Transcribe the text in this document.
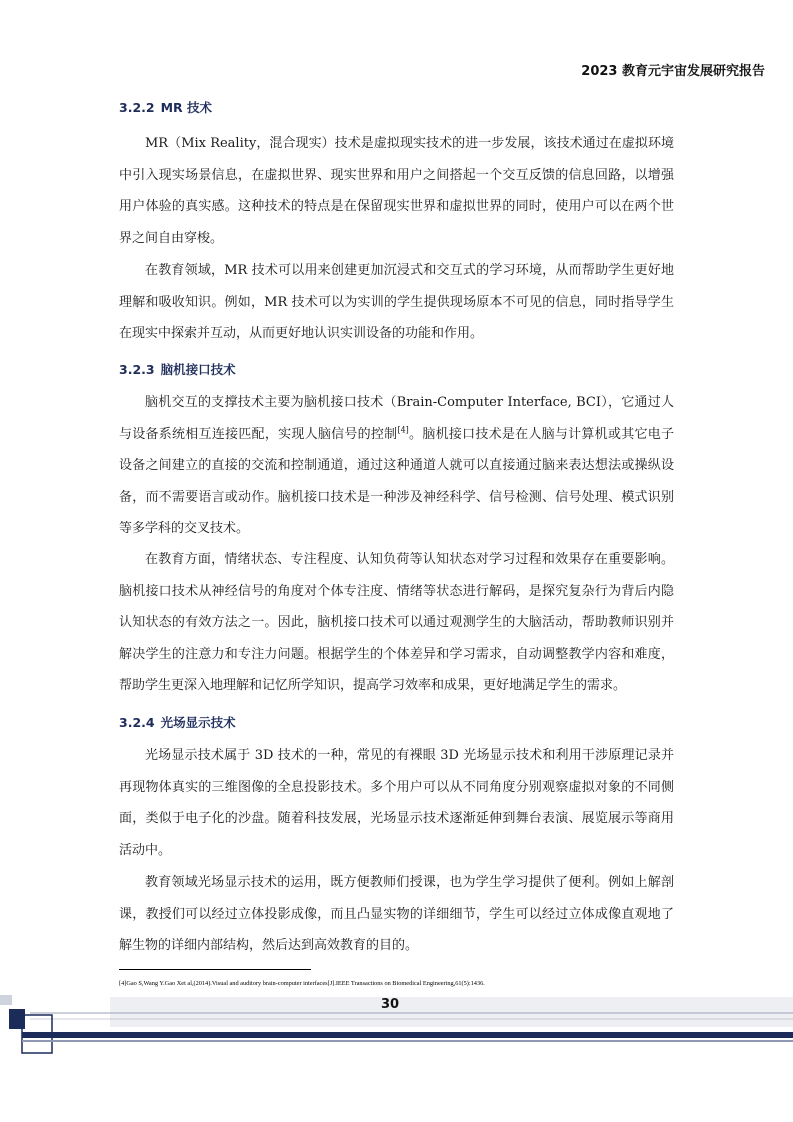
2023 教育元宇宙发展研究报告
3.2.2 MR 技术

MR（Mix Reality，混合现实）技术是虚拟现实技术的进一步发展，该技术通过在虚拟环境中引入现实场景信息，在虚拟世界、现实世界和用户之间搭起一个交互反馈的信息回路，以增强用户体验的真实感。这种技术的特点是在保留现实世界和虚拟世界的同时，使用户可以在两个世界之间自由穿梭。

在教育领域，MR 技术可以用来创建更加沉浸式和交互式的学习环境，从而帮助学生更好地理解和吸收知识。例如，MR 技术可以为实训的学生提供现场原本不可见的信息，同时指导学生在现实中探索并互动，从而更好地认识实训设备的功能和作用。

3.2.3 脑机接口技术

脑机交互的支撑技术主要为脑机接口技术（Brain-Computer Interface, BCI），它通过人与设备系统相互连接匹配，实现人脑信号的控制[4]。脑机接口技术是在人脑与计算机或其它电子设备之间建立的直接的交流和控制通道，通过这种通道人就可以直接通过脑来表达想法或操纵设备，而不需要语言或动作。脑机接口技术是一种涉及神经科学、信号检测、信号处理、模式识别等多学科的交叉技术。

在教育方面，情绪状态、专注程度、认知负荷等认知状态对学习过程和效果存在重要影响。脑机接口技术从神经信号的角度对个体专注度、情绪等状态进行解码，是探究复杂行为背后内隐认知状态的有效方法之一。因此，脑机接口技术可以通过观测学生的大脑活动，帮助教师识别并解决学生的注意力和专注力问题。根据学生的个体差异和学习需求，自动调整教学内容和难度，帮助学生更深入地理解和记忆所学知识，提高学习效率和成果，更好地满足学生的需求。

3.2.4 光场显示技术

光场显示技术属于 3D 技术的一种，常见的有裸眼 3D 光场显示技术和利用干涉原理记录并再现物体真实的三维图像的全息投影技术。多个用户可以从不同角度分别观察虚拟对象的不同侧面，类似于电子化的沙盘。随着科技发展，光场显示技术逐渐延伸到舞台表演、展览展示等商用活动中。

教育领域光场显示技术的运用，既方便教师们授课，也为学生学习提供了便利。例如上解剖课，教授们可以经过立体投影成像，而且凸显实物的详细细节，学生可以经过立体成像直观地了解生物的详细内部结构，然后达到高效教育的目的。

[4]Gao S,Wang Y.Gao Xet al,(2014).Visual and auditory brain-computer interfaces[J].IEEE Transactions on Biomedical Engineering,61(5):1436.
30
